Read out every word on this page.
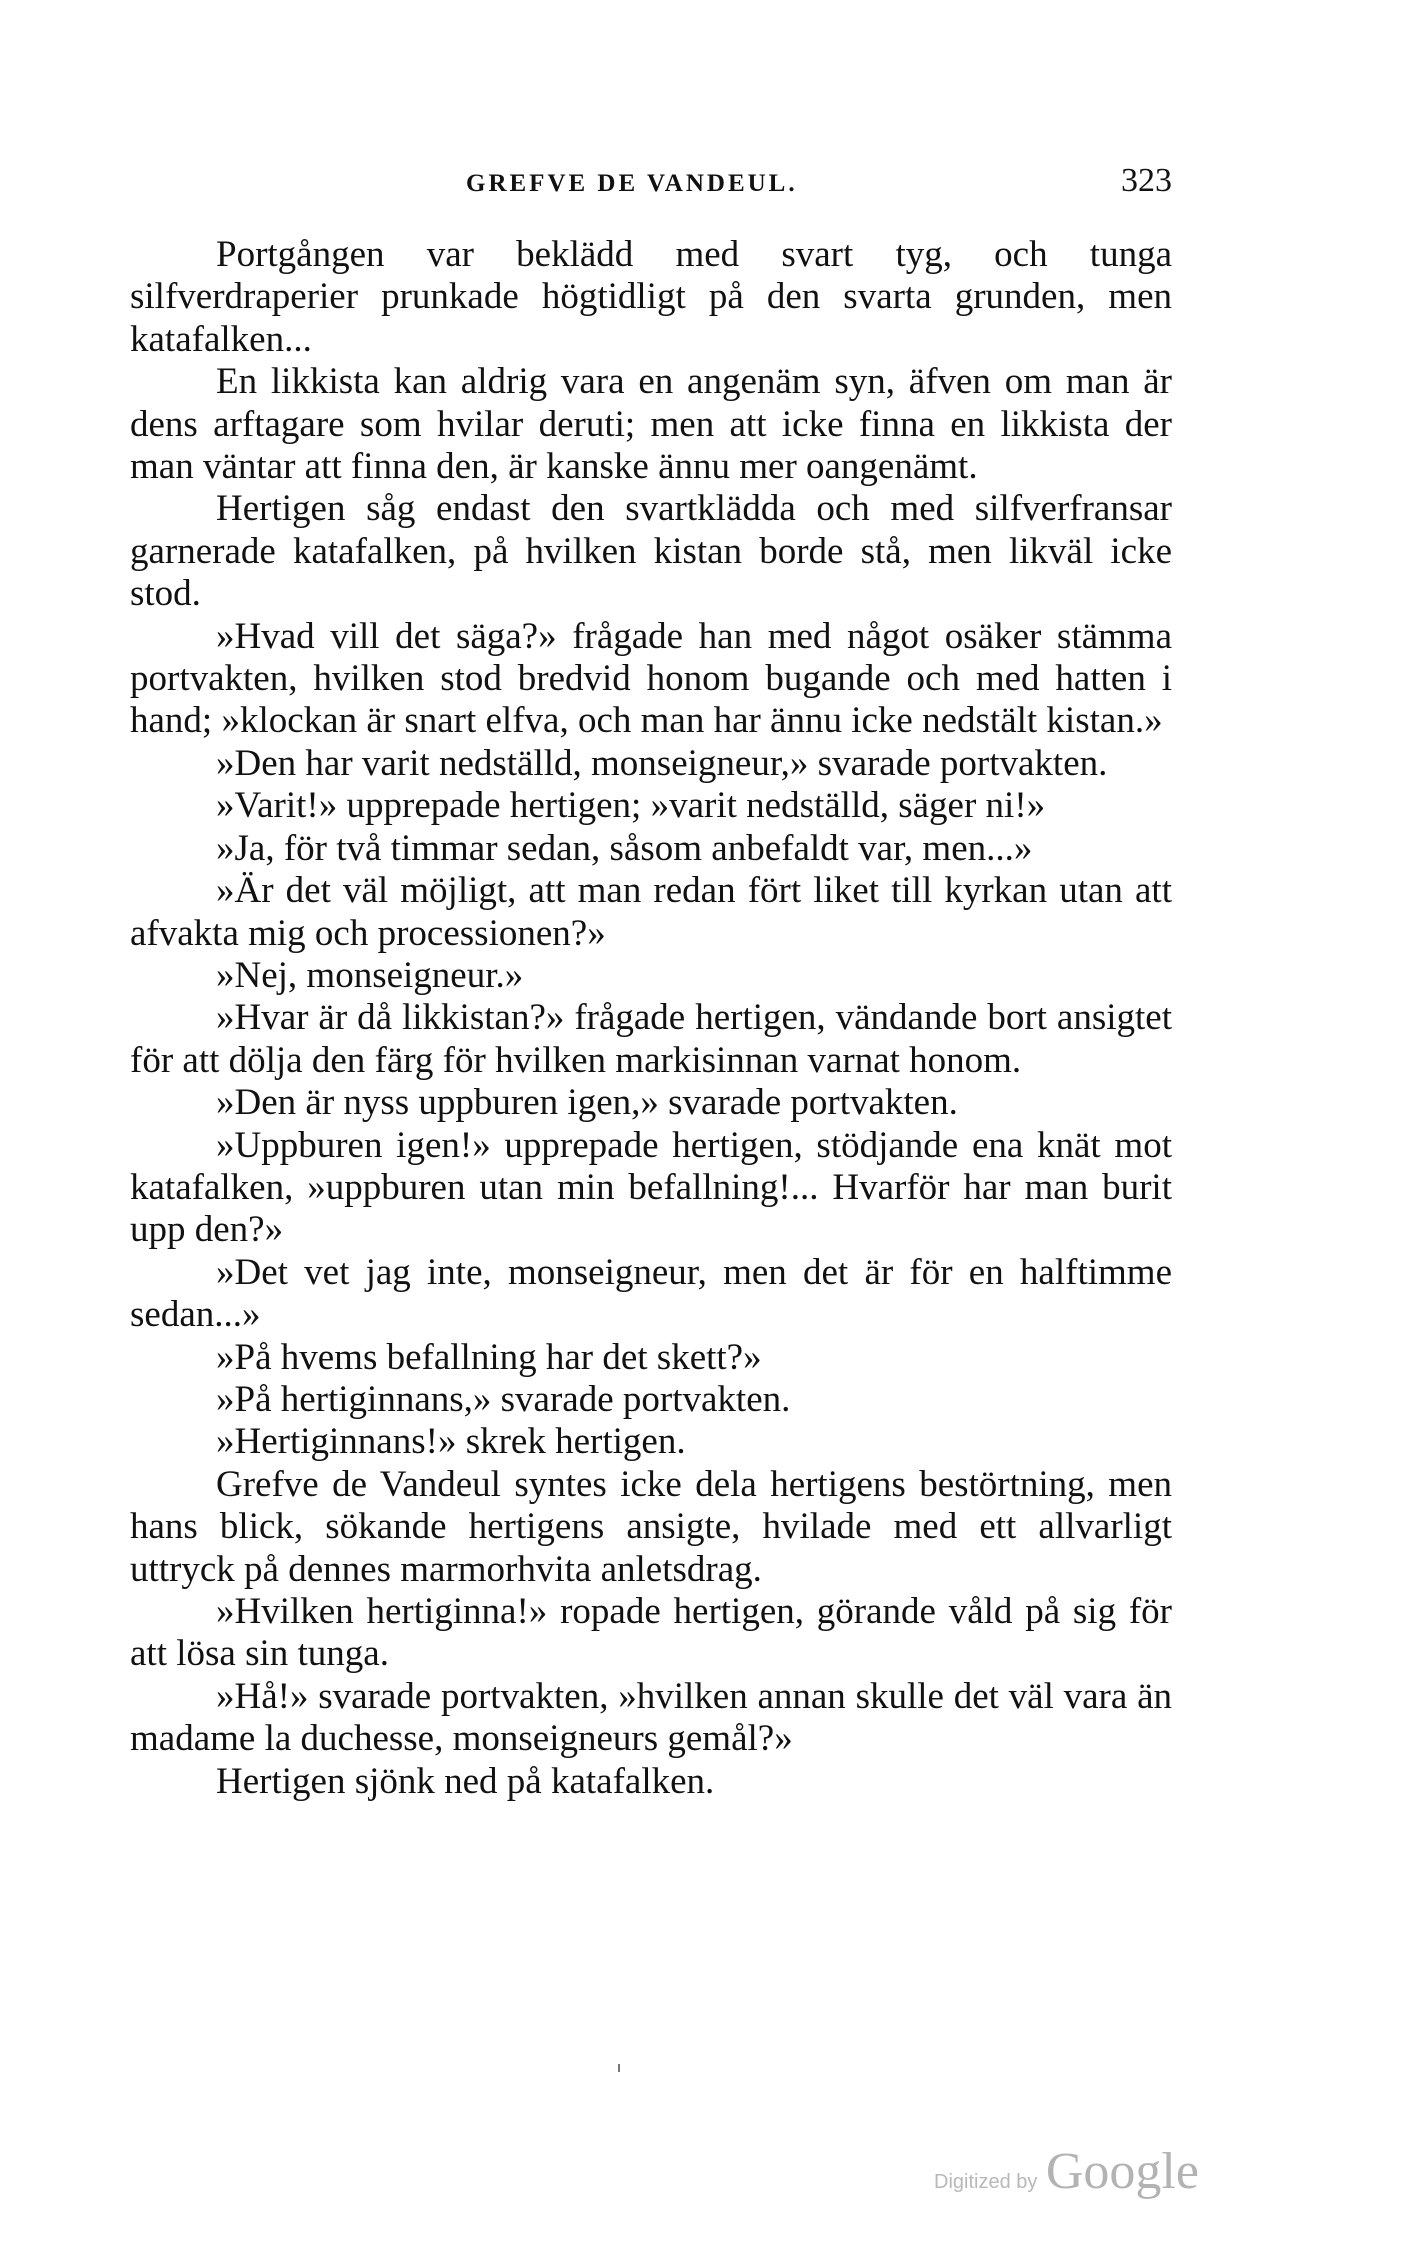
GREFVE DE VANDEUL.	323

Portgången var beklädd med svart tyg, och tunga silfverdraperier prunkade högtidligt på den svarta grunden, men katafalken...

En likkista kan aldrig vara en angenäm syn, äfven om man är dens arftagare som hvilar deruti; men att icke finna en likkista der man väntar att finna den, är kanske ännu mer oangenämt.

Hertigen såg endast den svartklädda och med silfverfransar garnerade katafalken, på hvilken kistan borde stå, men likväl icke stod.

»Hvad vill det säga?» frågade han med något osäker stämma portvakten, hvilken stod bredvid honom bugande och med hatten i hand; »klockan är snart elfva, och man har ännu icke nedstält kistan.»

»Den har varit nedställd, monseigneur,» svarade portvakten.

»Varit!» upprepade hertigen; »varit nedställd, säger ni!»

»Ja, för två timmar sedan, såsom anbefaldt var, men...»

»Är det väl möjligt, att man redan fört liket till kyrkan utan att afvakta mig och processionen?»

»Nej, monseigneur.»

»Hvar är då likkistan?» frågade hertigen, vändande bort ansigtet för att dölja den färg för hvilken markisinnan varnat honom.

»Den är nyss uppburen igen,» svarade portvakten.

»Uppburen igen!» upprepade hertigen, stödjande ena knät mot katafalken, »uppburen utan min befallning!... Hvarför har man burit upp den?»

»Det vet jag inte, monseigneur, men det är för en halftimme sedan...»

»På hvems befallning har det skett?»

»På hertiginnans,» svarade portvakten.

»Hertiginnans!» skrek hertigen.

Grefve de Vandeul syntes icke dela hertigens bestörtning, men hans blick, sökande hertigens ansigte, hvilade med ett allvarligt uttryck på dennes marmorhvita anletsdrag.

»Hvilken hertiginna!» ropade hertigen, görande våld på sig för att lösa sin tunga.

»Hå!» svarade portvakten, »hvilken annan skulle det väl vara än madame la duchesse, monseigneurs gemål?»

Hertigen sjönk ned på katafalken.

Digitized by Google
